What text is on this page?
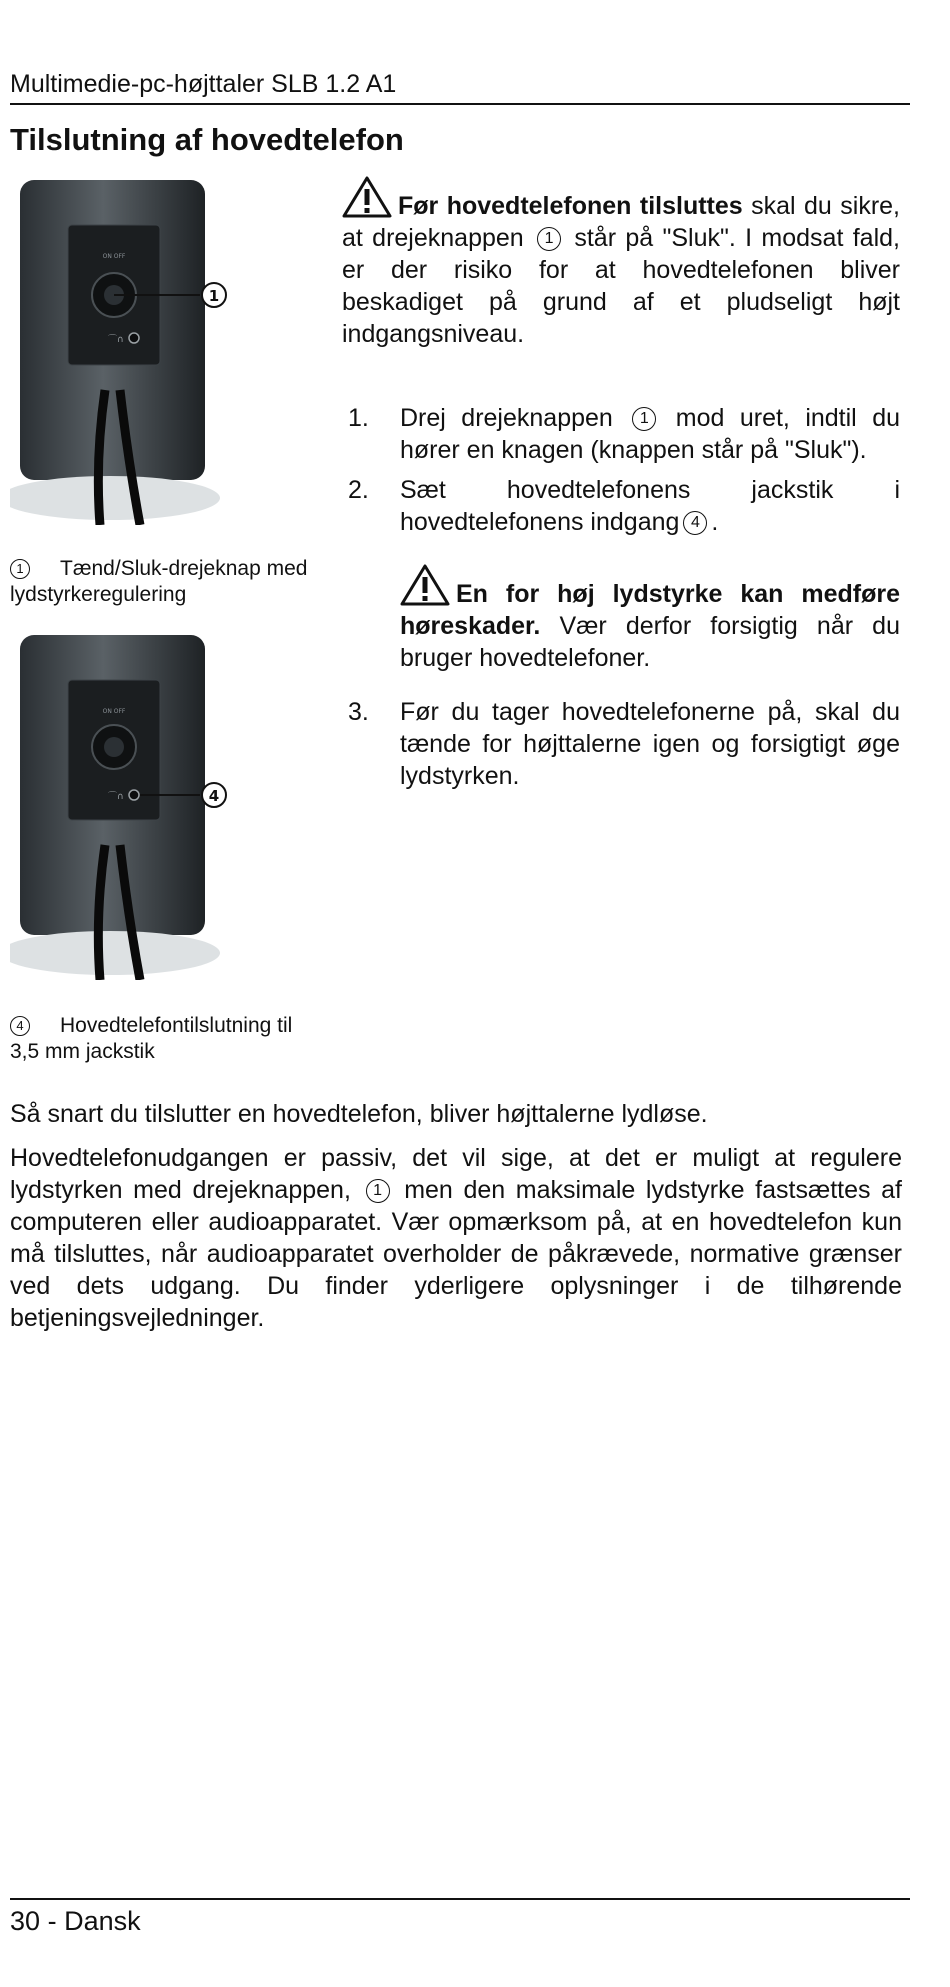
Multimedie-pc-højttaler SLB 1.2 A1
Tilslutning af hovedtelefon
ON OFF
⌒∩
1
1 Tænd/Sluk-drejeknap med lydstyrkeregulering
ON OFF
⌒∩	4
4 Hovedtelefontilslutning til 3,5 mm jackstik
Før hovedtelefonen tilsluttes skal du sikre, at drejeknappen 1 står på "Sluk". I modsat fald, er der risiko for at hovedtelefonen bliver beskadiget på grund af et pludseligt højt indgangsniveau.
1. Drej drejeknappen 1 mod uret, indtil du hører en knagen (knappen står på "Sluk").
2. Sæt hovedtelefonens jackstik i hovedtelefonens indgang 4 .
En for høj lydstyrke kan medføre høreskader. Vær derfor forsigtig når du bruger hovedtelefoner.
3. Før du tager hovedtelefonerne på, skal du tænde for højttalerne igen og forsigtigt øge lydstyrken.
Så snart du tilslutter en hovedtelefon, bliver højttalerne lydløse.
Hovedtelefonudgangen er passiv, det vil sige, at det er muligt at regulere lydstyrken med drejeknappen, 1 men den maksimale lydstyrke fastsættes af computeren eller audioapparatet. Vær opmærksom på, at en hovedtelefon kun må tilsluttes, når audioapparatet overholder de påkrævede, normative grænser ved dets udgang. Du finder yderligere oplysninger i de tilhørende betjeningsvejledninger.
30 - Dansk
